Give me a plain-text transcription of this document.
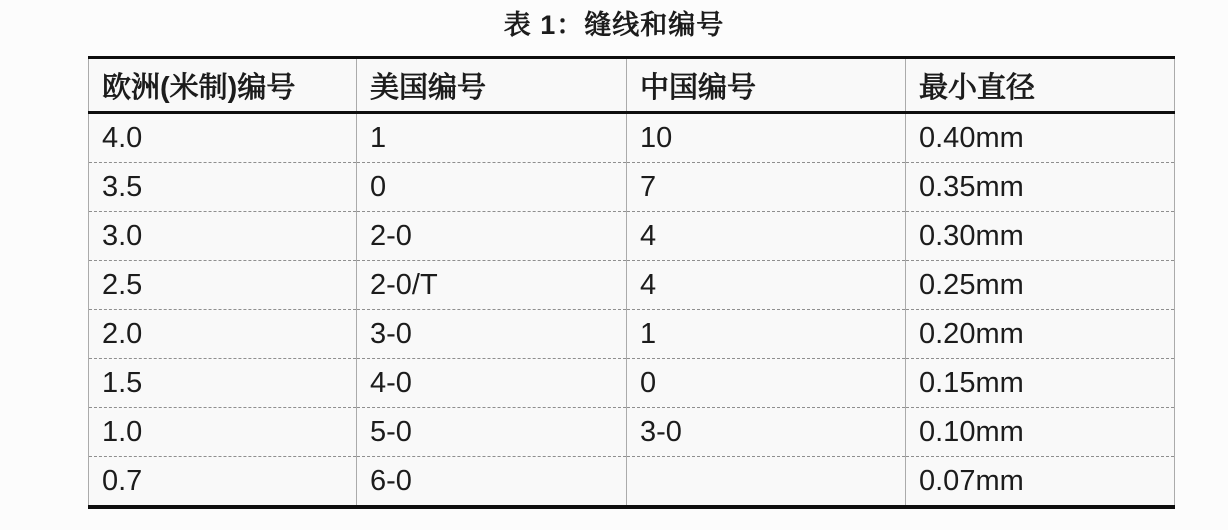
表 1：缝线和编号
欧洲(米制)编号	美国编号	中国编号	最小直径
4.0	1	10	0.40mm
3.5	0	7	0.35mm
3.0	2-0	4	0.30mm
2.5	2-0/T	4	0.25mm
2.0	3-0	1	0.20mm
1.5	4-0	0	0.15mm
1.0	5-0	3-0	0.10mm
0.7	6-0		0.07mm
